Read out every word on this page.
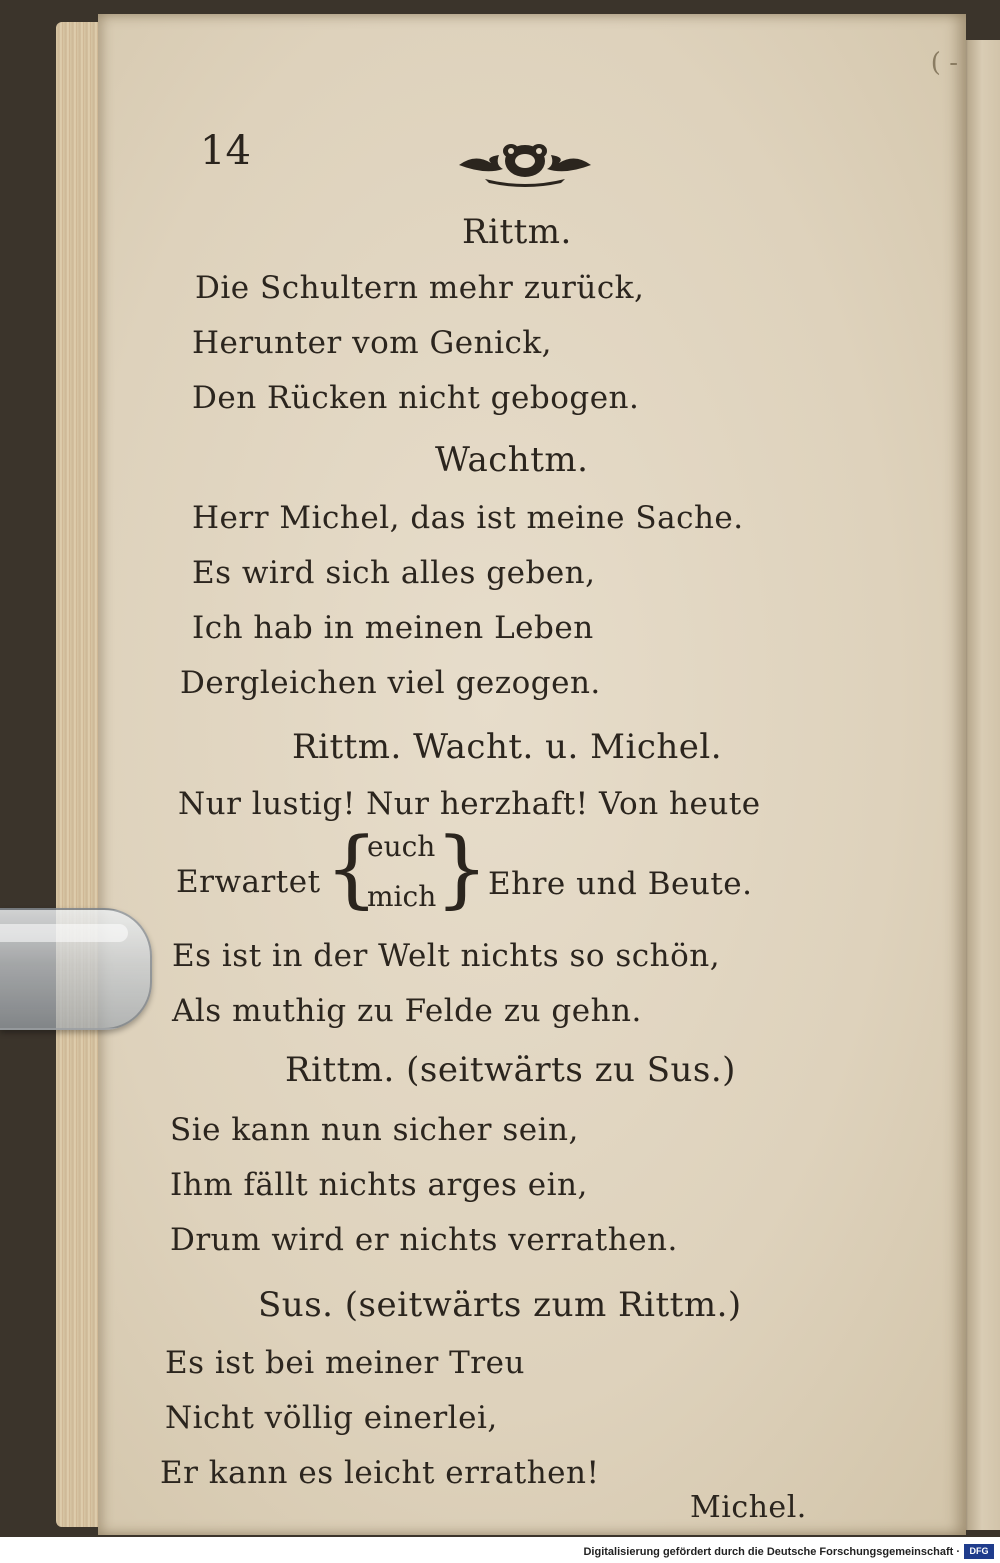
( -
14
Rittm.
Die Schultern mehr zurück,
Herunter vom Genick,
Den Rücken nicht gebogen.
Wachtm.
Herr Michel, das ist meine Sache.
Es wird sich alles geben,
Ich hab in meinen Leben
Dergleichen viel gezogen.
Rittm. Wacht. u. Michel.
Nur lustig! Nur herzhaft! Von heute
Erwartet {
euch
mich
} Ehre und Beute.
Es ist in der Welt nichts so schön,
Als muthig zu Felde zu gehn.
Rittm. (seitwärts zu Sus.)
Sie kann nun sicher sein,
Ihm fällt nichts arges ein,
Drum wird er nichts verrathen.
Sus. (seitwärts zum Rittm.)
Es ist bei meiner Treu
Nicht völlig einerlei,
Er kann es leicht errathen!
Michel.
Digitalisierung gefördert durch die Deutsche Forschungsgemeinschaft ·	DFG
